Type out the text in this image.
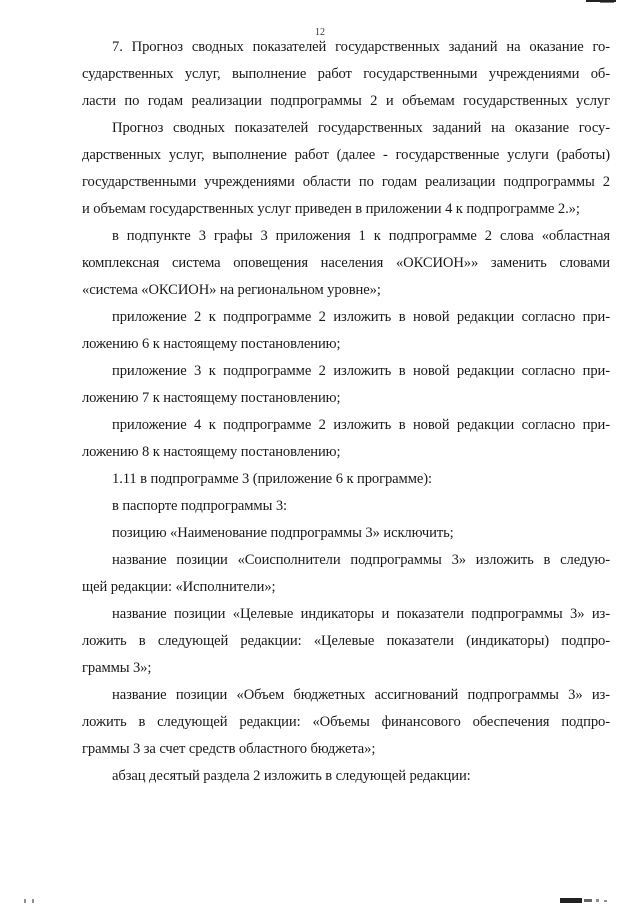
12
7. Прогноз сводных показателей государственных заданий на оказание го-
сударственных услуг, выполнение работ государственными учреждениями об-
ласти по годам реализации подпрограммы 2 и объемам государственных услуг
Прогноз сводных показателей государственных заданий на оказание госу-
дарственных услуг, выполнение работ (далее - государственные услуги (работы)
государственными учреждениями области по годам реализации подпрограммы 2
и объемам государственных услуг приведен в приложении 4 к подпрограмме 2.»;
в подпункте 3 графы 3 приложения 1 к подпрограмме 2 слова «областная
комплексная система оповещения населения «ОКСИОН»» заменить словами
«система «ОКСИОН» на региональном уровне»;
приложение 2 к подпрограмме 2 изложить в новой редакции согласно при-
ложению 6 к настоящему постановлению;
приложение 3 к подпрограмме 2 изложить в новой редакции согласно при-
ложению 7 к настоящему постановлению;
приложение 4 к подпрограмме 2 изложить в новой редакции согласно при-
ложению 8 к настоящему постановлению;
1.11 в подпрограмме 3 (приложение 6 к программе):
в паспорте подпрограммы 3:
позицию «Наименование подпрограммы 3» исключить;
название позиции «Соисполнители подпрограммы 3» изложить в следую-
щей редакции: «Исполнители»;
название позиции «Целевые индикаторы и показатели подпрограммы 3» из-
ложить в следующей редакции: «Целевые показатели (индикаторы) подпро-
граммы 3»;
название позиции «Объем бюджетных ассигнований подпрограммы 3» из-
ложить в следующей редакции: «Объемы финансового обеспечения подпро-
граммы 3 за счет средств областного бюджета»;
абзац десятый раздела 2 изложить в следующей редакции:
